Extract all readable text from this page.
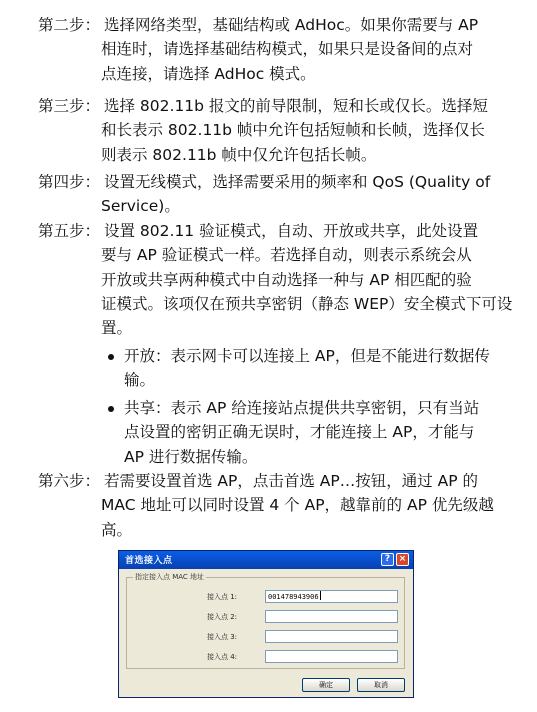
第二步： 选择网络类型，基础结构或 AdHoc。如果你需要与 AP
相连时，请选择基础结构模式，如果只是设备间的点对
点连接，请选择 AdHoc 模式。
第三步： 选择 802.11b 报文的前导限制，短和长或仅长。选择短
和长表示 802.11b 帧中允许包括短帧和长帧，选择仅长
则表示 802.11b 帧中仅允许包括长帧。
第四步： 设置无线模式，选择需要采用的频率和 QoS (Quality of
Service)。
第五步： 设置 802.11 验证模式，自动、开放或共享，此处设置
要与 AP 验证模式一样。若选择自动，则表示系统会从
开放或共享两种模式中自动选择一种与 AP 相匹配的验
证模式。该项仅在预共享密钥（静态 WEP）安全模式下可设
置。
开放：表示网卡可以连接上 AP，但是不能进行数据传
输。
共享：表示 AP 给连接站点提供共享密钥，只有当站
点设置的密钥正确无误时，才能连接上 AP，才能与
AP 进行数据传输。
第六步： 若需要设置首选 AP，点击首选 AP…按钮，通过 AP 的
MAC 地址可以同时设置 4 个 AP，越靠前的 AP 优先级越
高。
首选接入点	? ×
指定接入点 MAC 地址
接入点 1:	001478943906
接入点 2:
接入点 3:
接入点 4:
确定	取消
